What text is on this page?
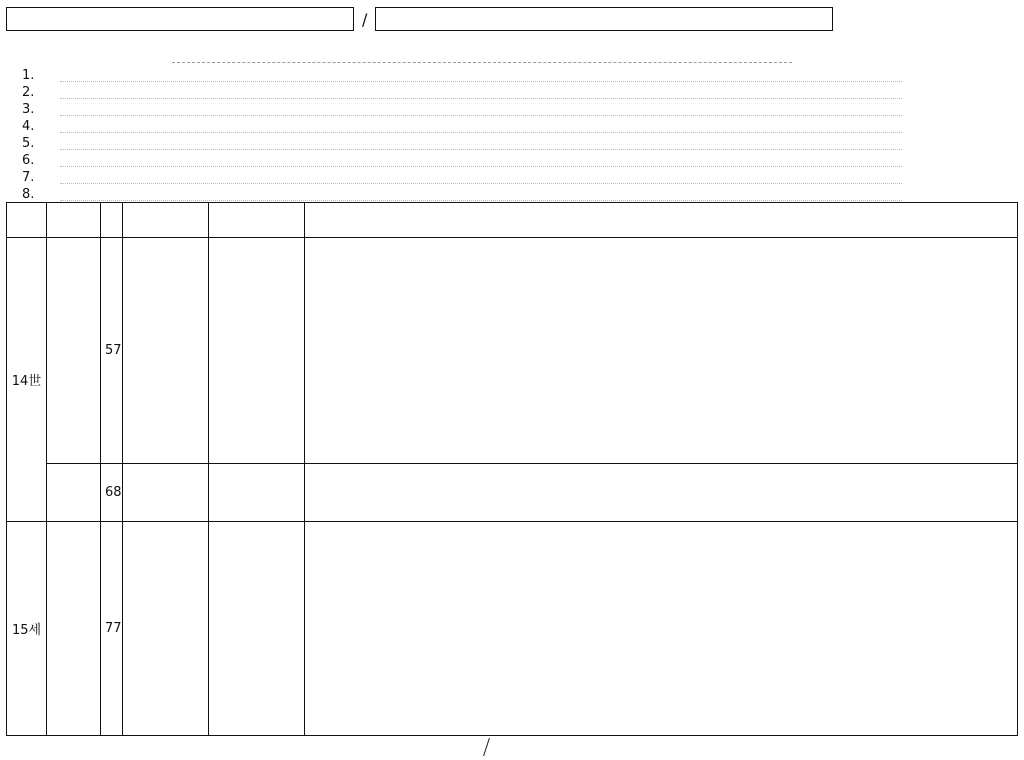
/
1.
2.
3.
4.
5.
6.
7.
8.

14世		57	

		68	

15세		77	
